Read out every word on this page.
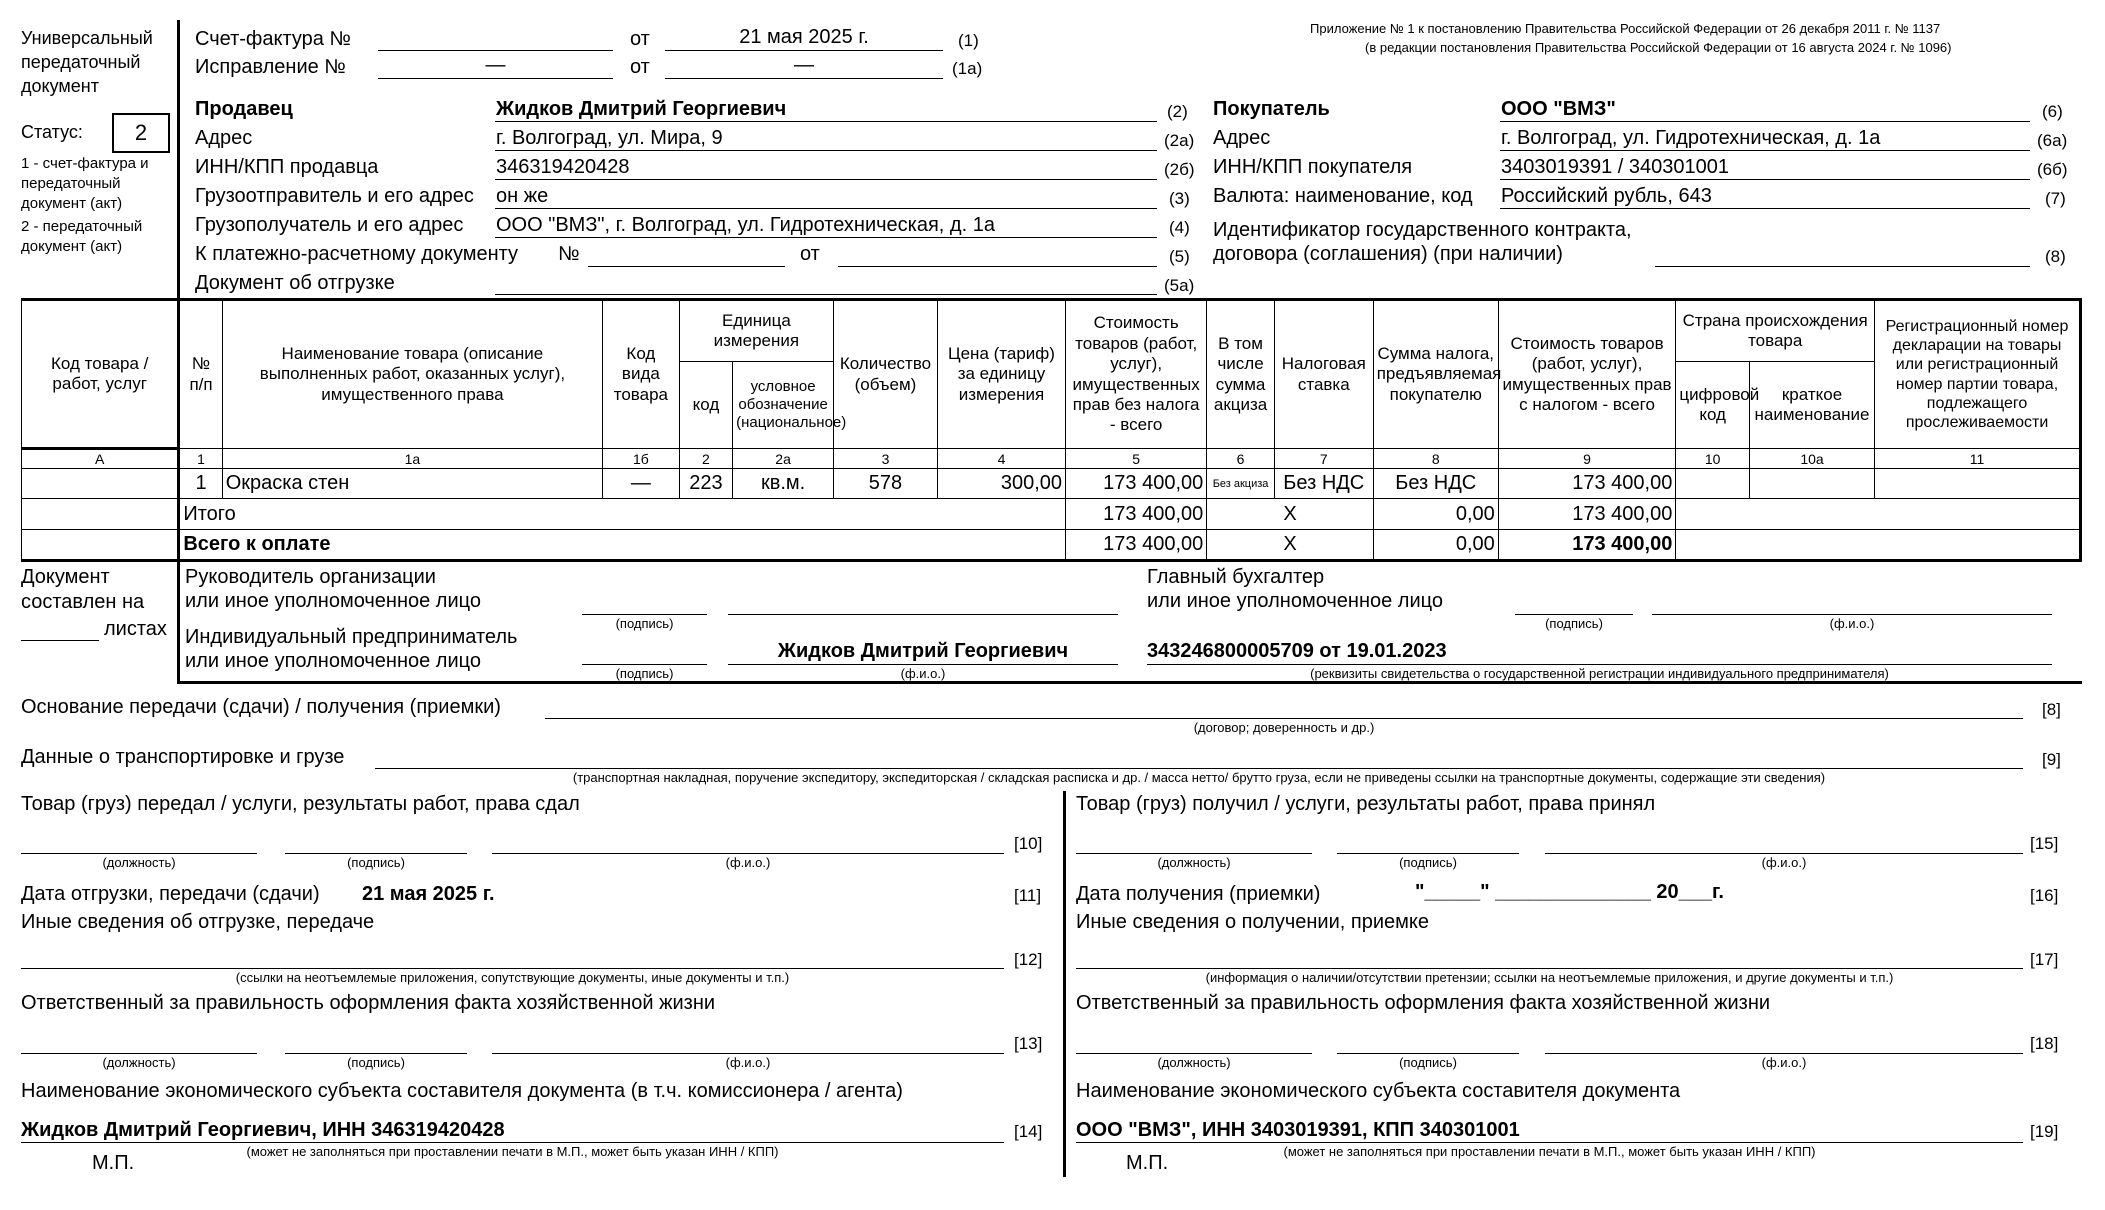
Универсальный
передаточный
документ
Статус:	2
1 - счет-фактура и
передаточный
документ (акт)
2 - передаточный
документ (акт)
Счет-фактура №	от	21 мая 2025 г.	(1)
Исправление №	—	от	—	(1а)
Приложение № 1 к постановлению Правительства Российской Федерации от 26 декабря 2011 г. № 1137
(в редакции постановления Правительства Российской Федерации от 16 августа 2024 г. № 1096)
Продавец	Жидков Дмитрий Георгиевич	(2)
Адрес	г. Волгоград, ул. Мира, 9	(2а)
ИНН/КПП продавца	346319420428	(2б)
Грузоотправитель и его адрес он же	(3)
Грузополучатель и его адрес ООО "ВМЗ", г. Волгоград, ул. Гидротехническая, д. 1а	(4)
К платежно-расчетному документу №	от	(5)
Документ об отгрузке	(5а)
Покупатель	ООО "ВМЗ"	(6)
Адрес	г. Волгоград, ул. Гидротехническая, д. 1а	(6а)
ИНН/КПП покупателя	3403019391 / 340301001	(6б)
Валюта: наименование, код Российский рубль, 643	(7)
Идентификатор государственного контракта,
договора (соглашения) (при наличии)	(8)
Код товара / работ, услуг	№ п/п	Наименование товара (описание выполненных работ, оказанных услуг), имущественного права	Код вида товара	Единица измерения		Количество (объем)	Цена (тариф) за единицу измерения	Стоимость товаров (работ, услуг), имущественных прав без налога - всего	В том числе сумма акциза	Налоговая ставка	Сумма налога, предъявляемая покупателю	Стоимость товаров (работ, услуг), имущественных прав с налогом - всего	Страна происхождения товара		Регистрационный номер декларации на товары или регистрационный номер партии товара, подлежащего прослеживаемости
				код	условное обозначение (национальное)								цифровой код	краткое наименование	
А	1	1а	1б	2	2а	3	4	5	6	7	8	9	10	10а	11
	1	Окраска стен	—	223	кв.м.	578	300,00	173 400,00	Без акциза	Без НДС	Без НДС	173 400,00			
	Итого							173 400,00	X		0,00	173 400,00			
	Всего к оплате							173 400,00	X		0,00	173 400,00			
Документ
составлен на
листах
Руководитель организации
или иное уполномоченное лицо
(подпись)
Главный бухгалтер
или иное уполномоченное лицо
(подпись)	(ф.и.о.)
Индивидуальный предприниматель
или иное уполномоченное лицо
(подпись)
Жидков Дмитрий Георгиевич
(ф.и.о.)
343246800005709 от 19.01.2023
(реквизиты свидетельства о государственной регистрации индивидуального предпринимателя)
Основание передачи (сдачи) / получения (приемки)	[8]
(договор; доверенность и др.)
Данные о транспортировке и грузе	[9]
(транспортная накладная, поручение экспедитору, экспедиторская / складская расписка и др. / масса нетто/ брутто груза, если не приведены ссылки на транспортные документы, содержащие эти сведения)
Товар (груз) передал / услуги, результаты работ, права сдал
(должность)	(подпись)	(ф.и.о.)
[10]
Дата отгрузки, передачи (сдачи) 21 мая 2025 г.	[11]
Иные сведения об отгрузке, передаче
(ссылки на неотъемлемые приложения, сопутствующие документы, иные документы и т.п.)
[12]
Ответственный за правильность оформления факта хозяйственной жизни
(должность)	(подпись)	(ф.и.о.)
[13]
Наименование экономического субъекта составителя документа (в т.ч. комиссионера / агента)
Жидков Дмитрий Георгиевич, ИНН 346319420428	[14]
(может не заполняться при проставлении печати в М.П., может быть указан ИНН / КПП)
М.П.
Товар (груз) получил / услуги, результаты работ, права принял
(должность)	(подпись)	(ф.и.о.)
[15]
Дата получения (приемки)	"_____" ______________ 20___г.	[16]
Иные сведения о получении, приемке
(информация о наличии/отсутствии претензии; ссылки на неотъемлемые приложения, и другие документы и т.п.)
[17]
Ответственный за правильность оформления факта хозяйственной жизни
(должность)	(подпись)	(ф.и.о.)
[18]
Наименование экономического субъекта составителя документа
ООО "ВМЗ", ИНН 3403019391, КПП 340301001	[19]
(может не заполняться при проставлении печати в М.П., может быть указан ИНН / КПП)
М.П.
